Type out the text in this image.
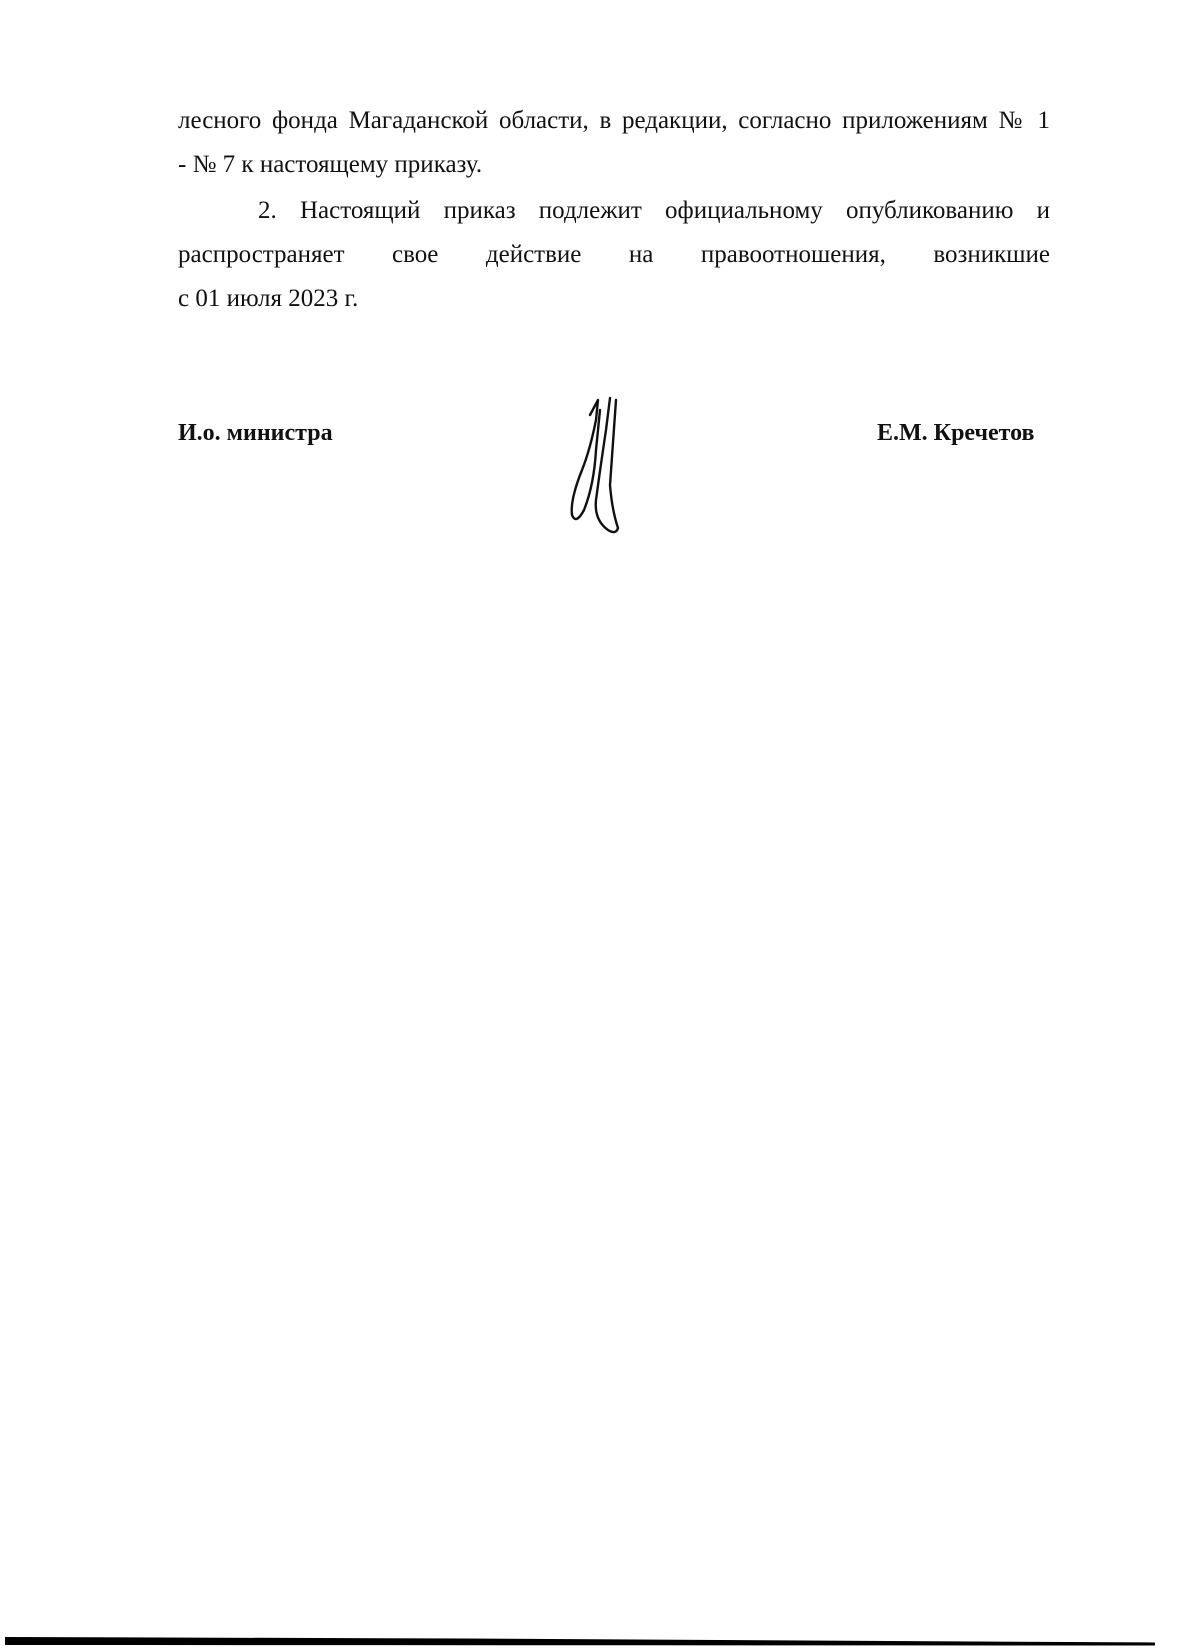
лесного фонда Магаданской области, в редакции, согласно приложениям № 1
- № 7 к настоящему приказу.
2. Настоящий приказ подлежит официальному опубликованию и
распространяет своe действие на правоотношения, возникшие
с 01 июля 2023 г.
И.о. министра	Е.М. Кречетов
